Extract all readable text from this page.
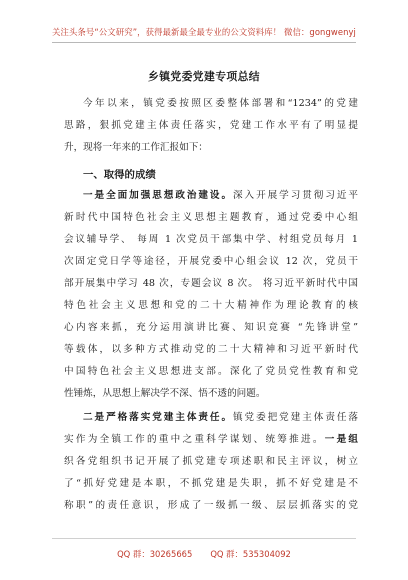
关注头条号“公文研究”，获得最新最全最专业的公文资料库！ 微信：gongwenyj
乡镇党委党建专项总结
今年以来，镇党委按照区委整体部署和“1234”的党建
思路，狠抓党建主体责任落实，党建工作水平有了明显提
升，现将一年来的工作汇报如下：
一、取得的成绩
一是全面加强思想政治建设。深入开展学习贯彻习近平
新时代中国特色社会主义思想主题教育，通过党委中心组
会议辅导学、 每周 1 次党员干部集中学、村组党员每月 1
次固定党日学等途径，开展党委中心组会议 12 次，党员干
部开展集中学习 48 次，专题会议 8 次。 将习近平新时代中国
特色社会主义思想和党的二十大精神作为理论教育的核
心内容来抓，充分运用演讲比赛、知识竞赛 “先锋讲堂”
等载体，以多种方式推动党的二十大精神和习近平新时代
中国特色社会主义思想进支部。深化了党员党性教育和党
性锤炼，从思想上解决学不深、悟不透的问题。
二是严格落实党建主体责任。镇党委把党建主体责任落
实作为全镇工作的重中之重科学谋划、统筹推进。一是组
织各党组织书记开展了抓党建专项述职和民主评议，树立
了“抓好党建是本职，不抓党建是失职，抓不好党建是不
称职”的责任意识，形成了一级抓一级、层层抓落实的党
QQ 群：30265665 QQ 群：535304092
